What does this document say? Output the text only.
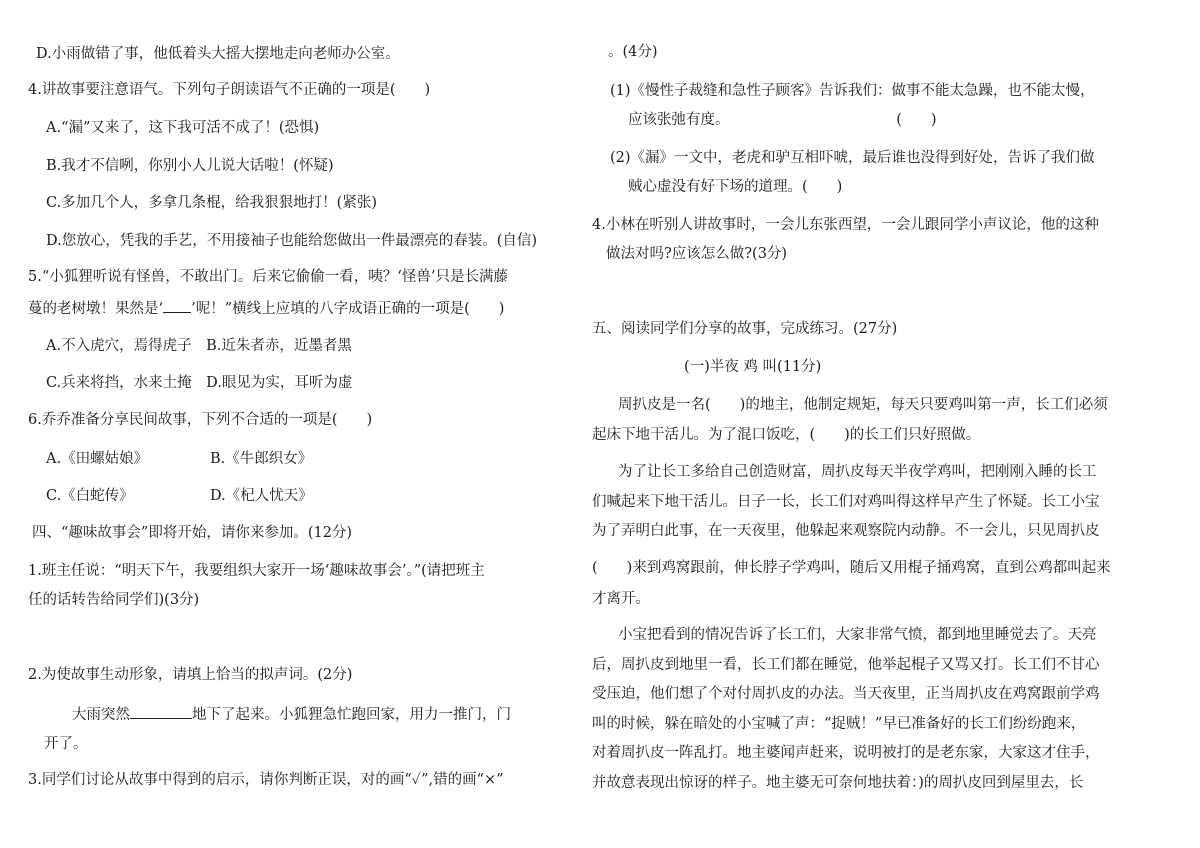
D.小雨做错了事，他低着头大摇大摆地走向老师办公室。
4.讲故事要注意语气。下列句子朗读语气不正确的一项是(　　)
A.“漏”又来了，这下我可活不成了！(恐惧)
B.我才不信咧，你别小人儿说大话啦！(怀疑)
C.多加几个人，多拿几条棍，给我狠狠地打！(紧张)
D.您放心，凭我的手艺，不用接袖子也能给您做出一件最漂亮的春装。(自信)
5.“小狐狸听说有怪兽，不敢出门。后来它偷偷一看，咦？‘怪兽’只是长满藤
蔓的老树墩！果然是‘ ’呢！”横线上应填的八字成语正确的一项是(　　)
A.不入虎穴，焉得虎子　B.近朱者赤，近墨者黑
C.兵来将挡，水来土掩　D.眼见为实，耳听为虚
6.乔乔准备分享民间故事，下列不合适的一项是(　　)
A.《田螺姑娘》	B.《牛郎织女》
C.《白蛇传》	D.《杞人忧天》
四、“趣味故事会”即将开始，请你来参加。(12分)
1.班主任说：“明天下午，我要组织大家开一场‘趣味故事会’。”(请把班主
任的话转告给同学们)(3分)
2.为使故事生动形象，请填上恰当的拟声词。(2分)
大雨突然	地下了起来。小狐狸急忙跑回家，用力一推门，门
开了。
3.同学们讨论从故事中得到的启示，请你判断正误，对的画“✓”,错的画“×”
。(4分)
(1)《慢性子裁缝和急性子顾客》告诉我们：做事不能太急躁，也不能太慢，
应该张弛有度。　　　　　　　　　　　　(　　)
(2)《漏》一文中，老虎和驴互相吓唬，最后谁也没得到好处，告诉了我们做
贼心虚没有好下场的道理。(　　)
4.小林在听别人讲故事时，一会儿东张西望，一会儿跟同学小声议论，他的这种
做法对吗?应该怎么做?(3分)
五、阅读同学们分享的故事，完成练习。(27分)
(一)半夜 鸡 叫(11分)
周扒皮是一名(　　)的地主，他制定规矩，每天只要鸡叫第一声，长工们必须
起床下地干活儿。为了混口饭吃，(　　)的长工们只好照做。
为了让长工多给自己创造财富，周扒皮每天半夜学鸡叫，把刚刚入睡的长工
们喊起来下地干活儿。日子一长，长工们对鸡叫得这样早产生了怀疑。长工小宝
为了弄明白此事，在一天夜里，他躲起来观察院内动静。不一会儿，只见周扒皮
(　　)来到鸡窝跟前，伸长脖子学鸡叫，随后又用棍子捅鸡窝，直到公鸡都叫起来
才离开。
小宝把看到的情况告诉了长工们，大家非常气愤，都到地里睡觉去了。天亮
后，周扒皮到地里一看，长工们都在睡觉，他举起棍子又骂又打。长工们不甘心
受压迫，他们想了个对付周扒皮的办法。当天夜里，正当周扒皮在鸡窝跟前学鸡
叫的时候，躲在暗处的小宝喊了声：“捉贼！”早已准备好的长工们纷纷跑来，
对着周扒皮一阵乱打。地主婆闻声赶来，说明被打的是老东家，大家这才住手，
并故意表现出惊讶的样子。地主婆无可奈何地扶着：)的周扒皮回到屋里去，长
